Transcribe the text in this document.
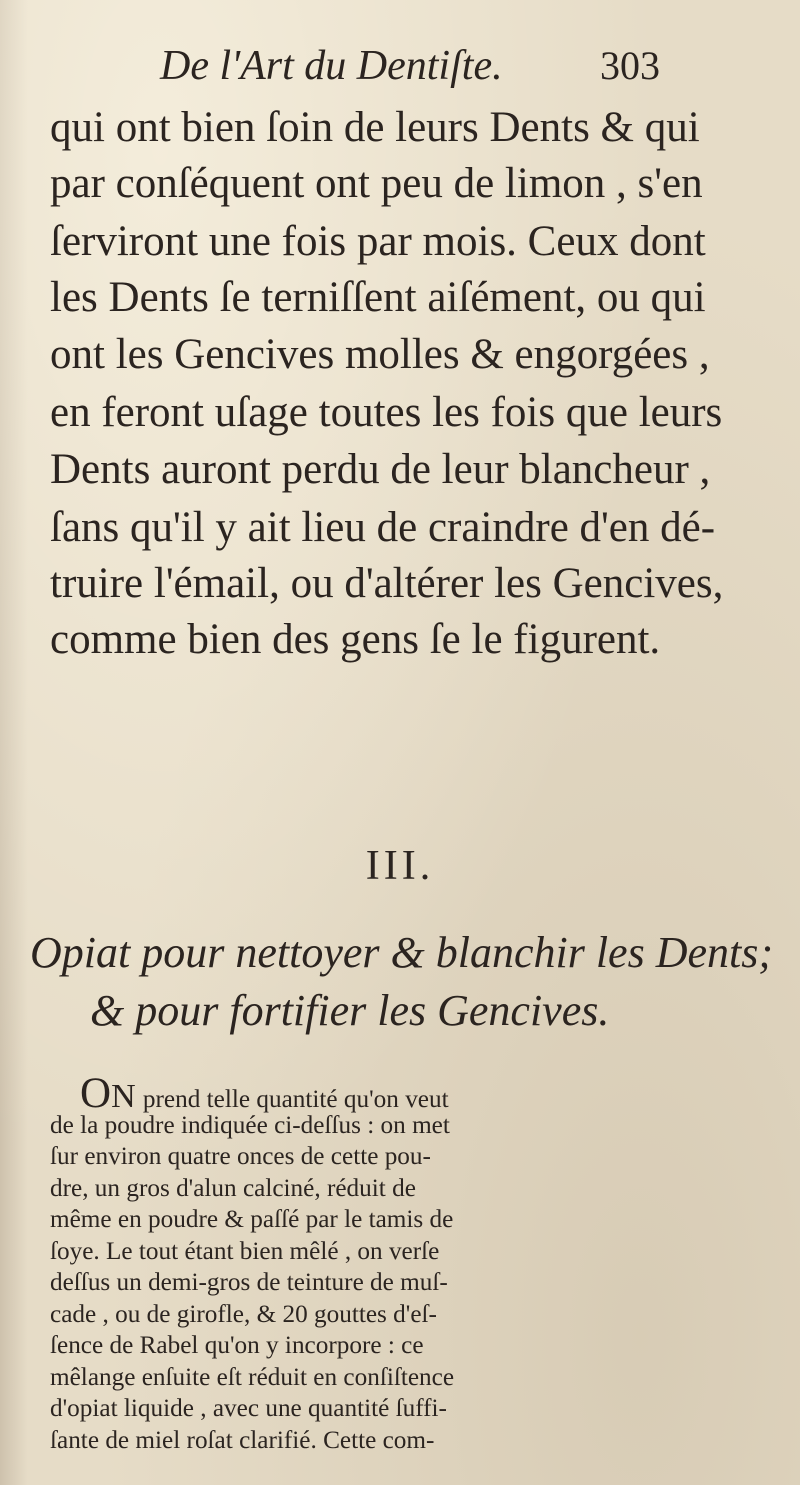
De l'Art du Dentiſte. 303
qui ont bien ſoin de leurs Dents & qui
par conſéquent ont peu de limon , s'en
ſerviront une fois par mois. Ceux dont
les Dents ſe terniſſent aiſément, ou qui
ont les Gencives molles & engorgées ,
en feront uſage toutes les fois que leurs
Dents auront perdu de leur blancheur ,
ſans qu'il y ait lieu de craindre d'en dé-
truire l'émail, ou d'altérer les Gencives,
comme bien des gens ſe le figurent.
III.
Opiat pour nettoyer & blanchir les Dents;
& pour fortifier les Gencives.
ON prend telle quantité qu'on veut
de la poudre indiquée ci-deſſus : on met
ſur environ quatre onces de cette pou-
dre, un gros d'alun calciné, réduit de
même en poudre & paſſé par le tamis de
ſoye. Le tout étant bien mêlé , on verſe
deſſus un demi-gros de teinture de muſ-
cade , ou de girofle, & 20 gouttes d'eſ-
ſence de Rabel qu'on y incorpore : ce
mêlange enſuite eſt réduit en conſiſtence
d'opiat liquide , avec une quantité ſuffi-
ſante de miel roſat clarifié. Cette com-
